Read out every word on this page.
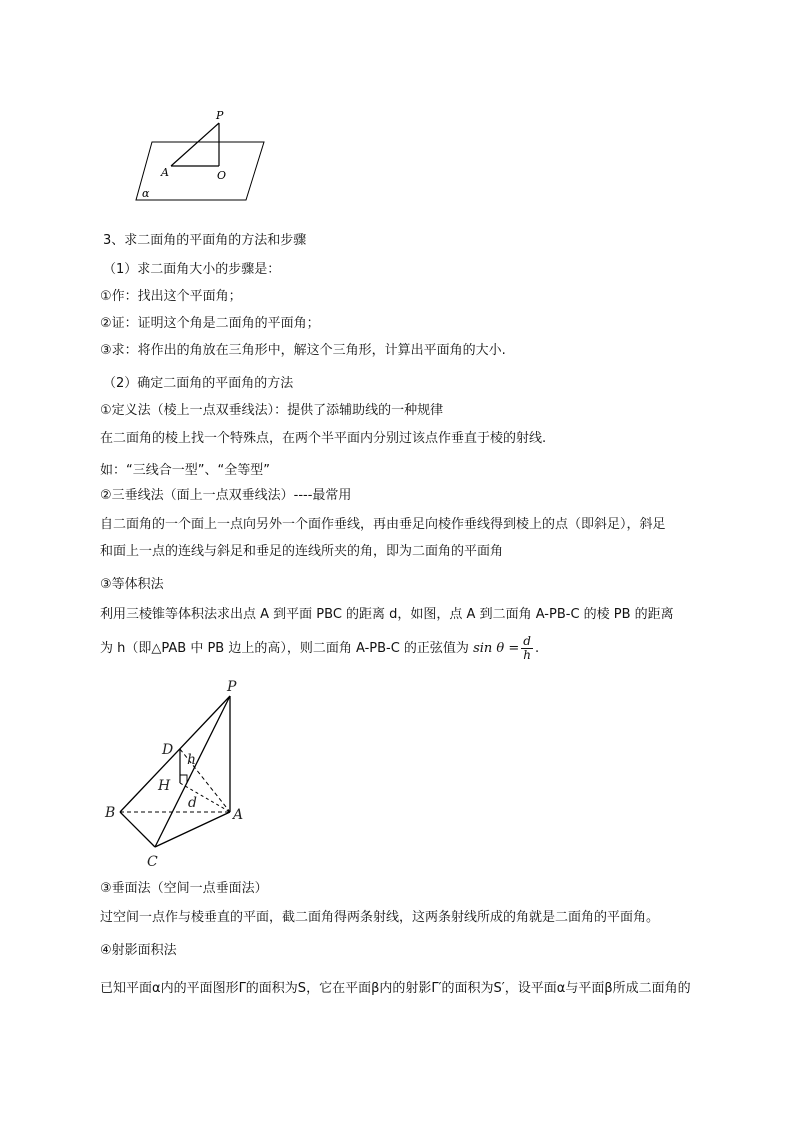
P
A	O
α
3、求二面角的平面角的方法和步骤
（1）求二面角大小的步骤是：
①作：找出这个平面角；
②证：证明这个角是二面角的平面角；
③求：将作出的角放在三角形中，解这个三角形，计算出平面角的大小.
（2）确定二面角的平面角的方法
①定义法（棱上一点双垂线法）：提供了添辅助线的一种规律
在二面角的棱上找一个特殊点，在两个半平面内分别过该点作垂直于棱的射线.
如：“三线合一型”、“全等型”
②三垂线法（面上一点双垂线法）----最常用
自二面角的一个面上一点向另外一个面作垂线，再由垂足向棱作垂线得到棱上的点（即斜足），斜足
和面上一点的连线与斜足和垂足的连线所夹的角，即为二面角的平面角
③等体积法
利用三棱锥等体积法求出点 A 到平面 PBC 的距离 d，如图，点 A 到二面角 A-PB-C 的棱 PB 的距离
为 h（即△PAB 中 PB 边上的高），则二面角 A-PB-C 的正弦值为 $\sin \theta = \frac{d}{h}$ .
P
D
h
H
d
B	A
C
③垂面法（空间一点垂面法）
过空间一点作与棱垂直的平面，截二面角得两条射线，这两条射线所成的角就是二面角的平面角。
④射影面积法
已知平面α内的平面图形Γ的面积为S，它在平面β内的射影Γ′的面积为S′，设平面α与平面β所成二面角的
